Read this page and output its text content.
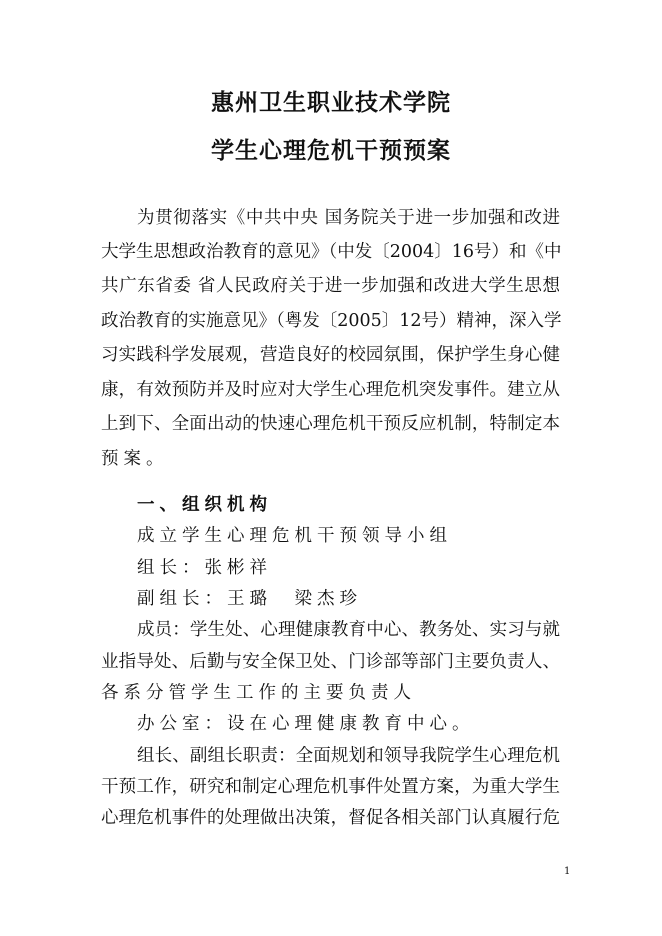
惠州卫生职业技术学院
学生心理危机干预预案
为贯彻落实《中共中央 国务院关于进一步加强和改进
大学生思想政治教育的意见》（中发〔2004〕16号）和《中
共广东省委 省人民政府关于进一步加强和改进大学生思想
政治教育的实施意见》（粤发〔2005〕12号）精神，深入学
习实践科学发展观，营造良好的校园氛围，保护学生身心健
康，有效预防并及时应对大学生心理危机突发事件。建立从
上到下、全面出动的快速心理危机干预反应机制，特制定本
预案。
一、组织机构
成立学生心理危机干预领导小组
组长：张彬祥
副组长：王璐　梁杰珍
成员：学生处、心理健康教育中心、教务处、实习与就
业指导处、后勤与安全保卫处、门诊部等部门主要负责人、
各系分管学生工作的主要负责人
办公室：设在心理健康教育中心。
组长、副组长职责：全面规划和领导我院学生心理危机
干预工作，研究和制定心理危机事件处置方案，为重大学生
心理危机事件的处理做出决策，督促各相关部门认真履行危
1
